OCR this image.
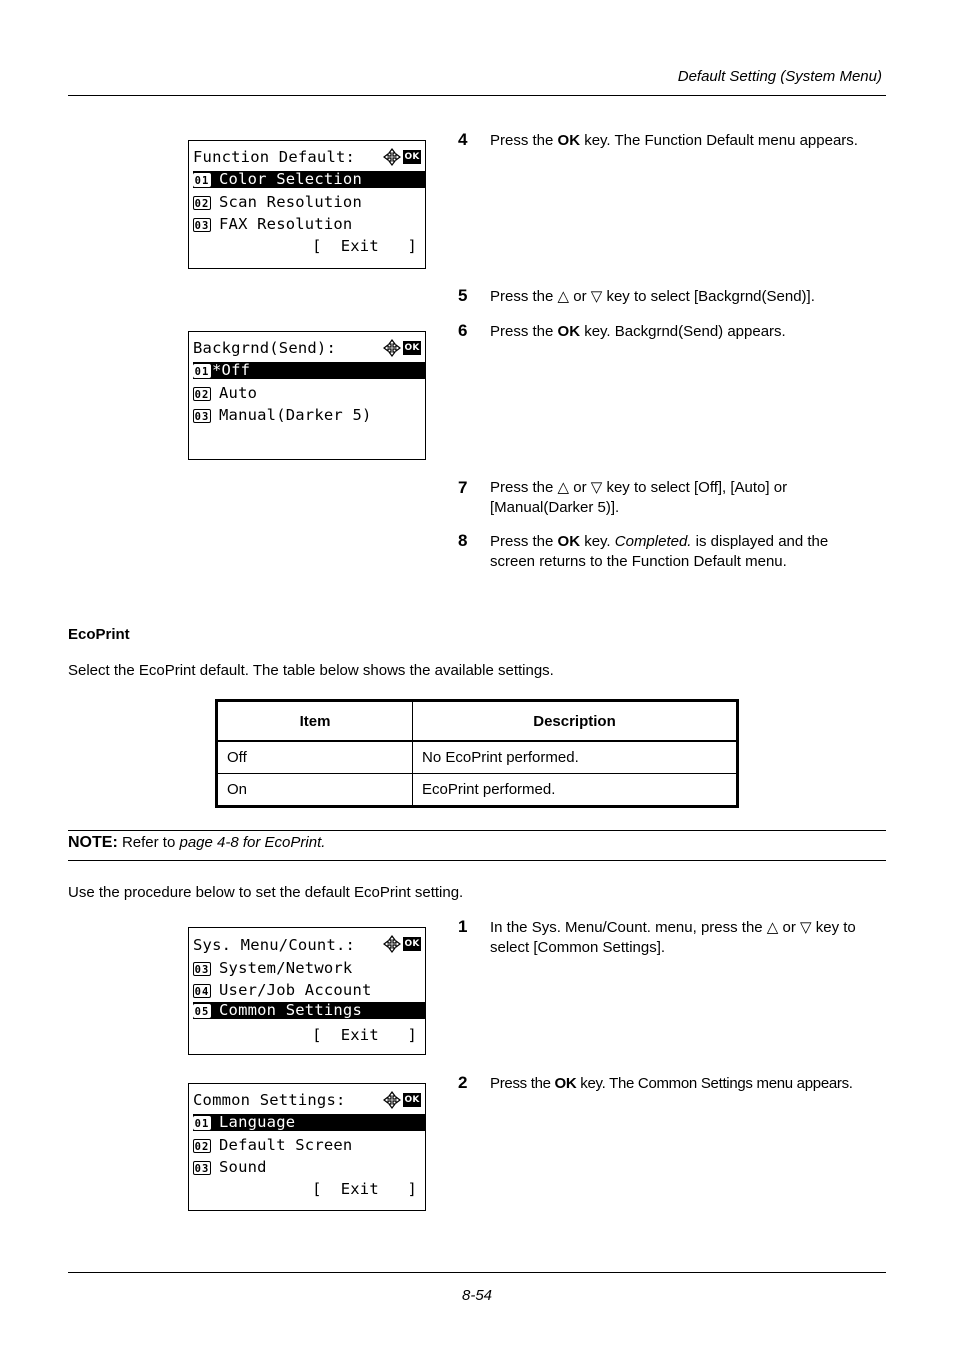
Default Setting (System Menu)
Function Default:	OK
01 Color Selection
02 Scan Resolution
03 FAX Resolution
[  Exit   ]
4 Press the OK key. The Function Default menu appears.
5 Press the △ or ▽ key to select [Backgrnd(Send)].
6 Press the OK key. Backgrnd(Send) appears.
Backgrnd(Send):	OK
01 *Off
02 Auto
03 Manual(Darker 5)
7 Press the △ or ▽ key to select [Off], [Auto] or
[Manual(Darker 5)].
8 Press the OK key. Completed. is displayed and the
screen returns to the Function Default menu.
EcoPrint
Select the EcoPrint default. The table below shows the available settings.
Item	Description
Off	No EcoPrint performed.
On	EcoPrint performed.
NOTE: Refer to page 4-8 for EcoPrint.
Use the procedure below to set the default EcoPrint setting.
Sys. Menu/Count.:	OK
03 System/Network
04 User/Job Account
05 Common Settings
[  Exit   ]
1 In the Sys. Menu/Count. menu, press the △ or ▽ key to
select [Common Settings].
Common Settings:	OK
01 Language
02 Default Screen
03 Sound
[  Exit   ]
2 Press the OK key. The Common Settings menu appears.
8-54
